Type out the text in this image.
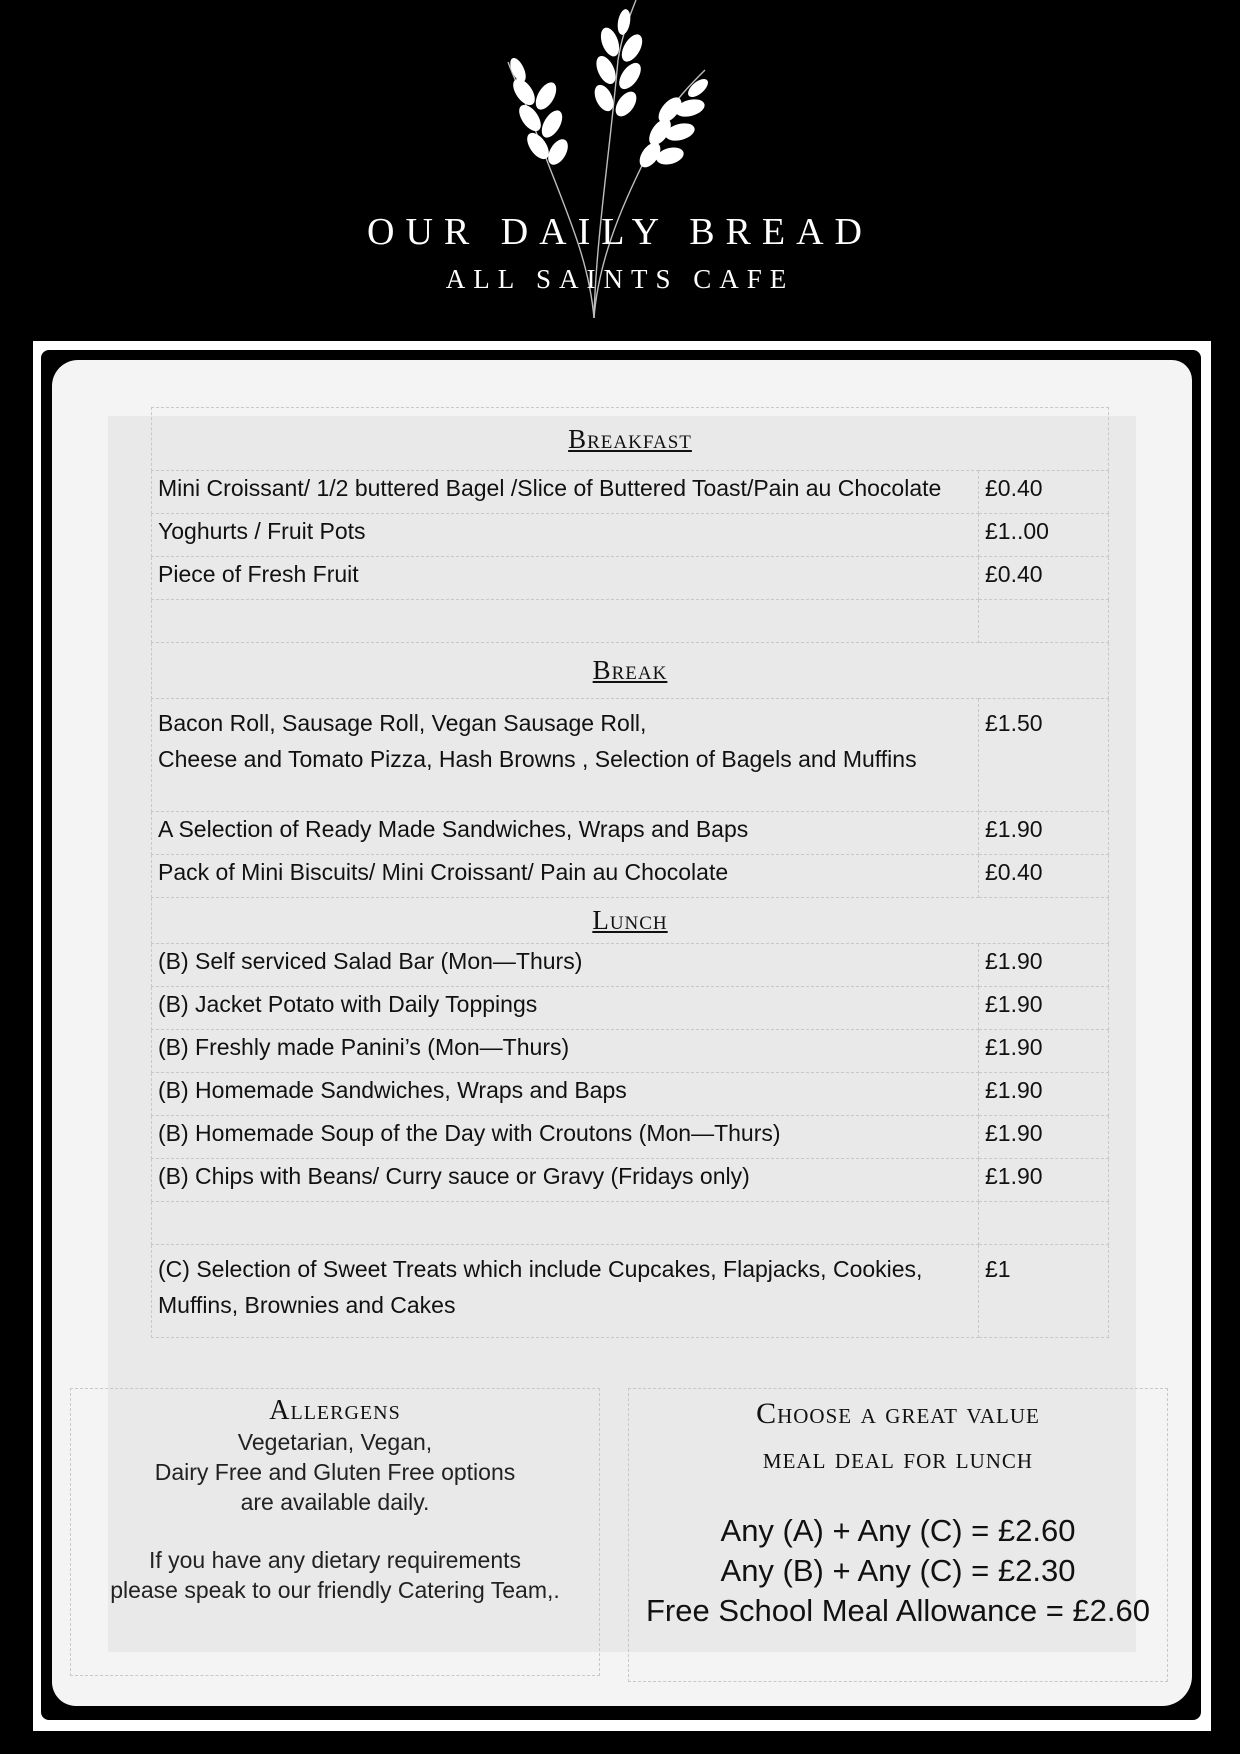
OUR DAILY BREAD
ALL SAINTS CAFE
Breakfast	
Mini Croissant/ 1/2 buttered Bagel /Slice of Buttered Toast/Pain au Chocolate	£0.40
Yoghurts / Fruit Pots	£1..00
Piece of Fresh Fruit	£0.40

Break	

Bacon Roll, Sausage Roll, Vegan Sausage Roll,
Cheese and Tomato Pizza, Hash Browns , Selection of Bagels and Muffins	£1.50
A Selection of Ready Made Sandwiches, Wraps and Baps	£1.90
Pack of Mini Biscuits/ Mini Croissant/ Pain au Chocolate	£0.40
Lunch	
(B) Self serviced Salad Bar (Mon—Thurs)	£1.90
(B) Jacket Potato with Daily Toppings	£1.90
(B) Freshly made Panini’s (Mon—Thurs)	£1.90
(B) Homemade Sandwiches, Wraps and Baps	£1.90
(B) Homemade Soup of the Day with Croutons (Mon—Thurs)	£1.90
(B) Chips with Beans/ Curry sauce or Gravy (Fridays only)	£1.90

(C) Selection of Sweet Treats which include Cupcakes, Flapjacks, Cookies,
Muffins, Brownies and Cakes	£1
Allergens

Vegetarian, Vegan,

Dairy Free and Gluten Free options

are available daily.

If you have any dietary requirements

please speak to our friendly Catering Team,.

Choose a great value
meal deal for lunch
Any (A) + Any (C) = £2.60
Any (B) + Any (C) = £2.30
Free School Meal Allowance = £2.60
